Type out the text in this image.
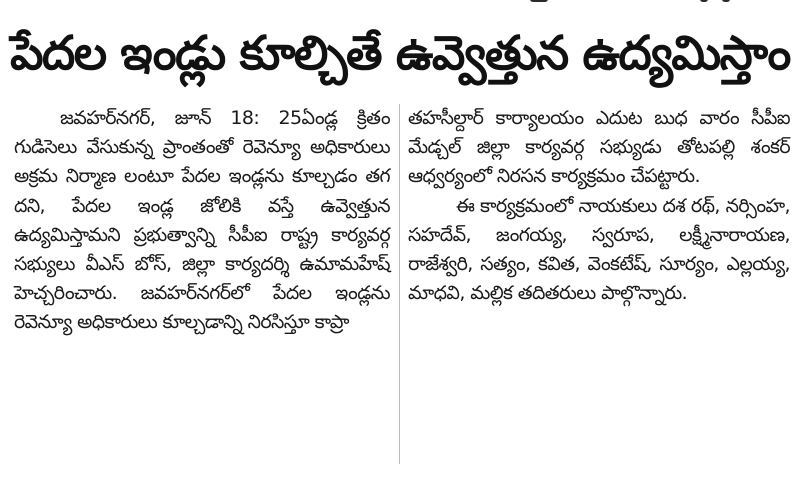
పేదల ఇండ్లు కూల్చితే ఉవ్వెత్తున ఉద్యమిస్తాం

జవహర్‌నగర్‌, జూన్‌ 18: 25ఏండ్ల క్రితం గుడిసెలు వేసుకున్న ప్రాంతంతో రెవెన్యూ అధికారులు అక్రమ నిర్మాణ లంటూ పేదల ఇండ్లను కూల్చడం తగ దని, పేదల ఇండ్ల జోలికి వస్తే ఉవ్వెత్తున ఉద్యమిస్తామని ప్రభుత్వాన్ని సీపీఐ రాష్ట్ర కార్యవర్గ సభ్యులు వీఎస్‌ బోస్‌, జిల్లా కార్యదర్శి ఉమామహేష్‌ హెచ్చరించారు. జవహర్‌నగర్‌లో పేదల ఇండ్లను రెవెన్యూ అధికారులు కూల్చడాన్ని నిరసిస్తూ కాప్రా

తహసీల్దార్‌ కార్యాలయం ఎదుట బుధ వారం సీపీఐ మేడ్చల్‌ జిల్లా కార్యవర్గ సభ్యుడు తోటపల్లి శంకర్‌ ఆధ్వర్యంలో నిరసన కార్యక్రమం చేపట్టారు.

ఈ కార్యక్రమంలో నాయకులు దశ రథ్‌, నర్సింహ, సహదేవ్‌, జంగయ్య, స్వరూప, లక్ష్మీనారాయణ, రాజేశ్వరి, సత్యం, కవిత, వెంకటేష్‌, సూర్యం, ఎల్లయ్య, మాధవి, మల్లిక తదితరులు పాల్గొన్నారు.
